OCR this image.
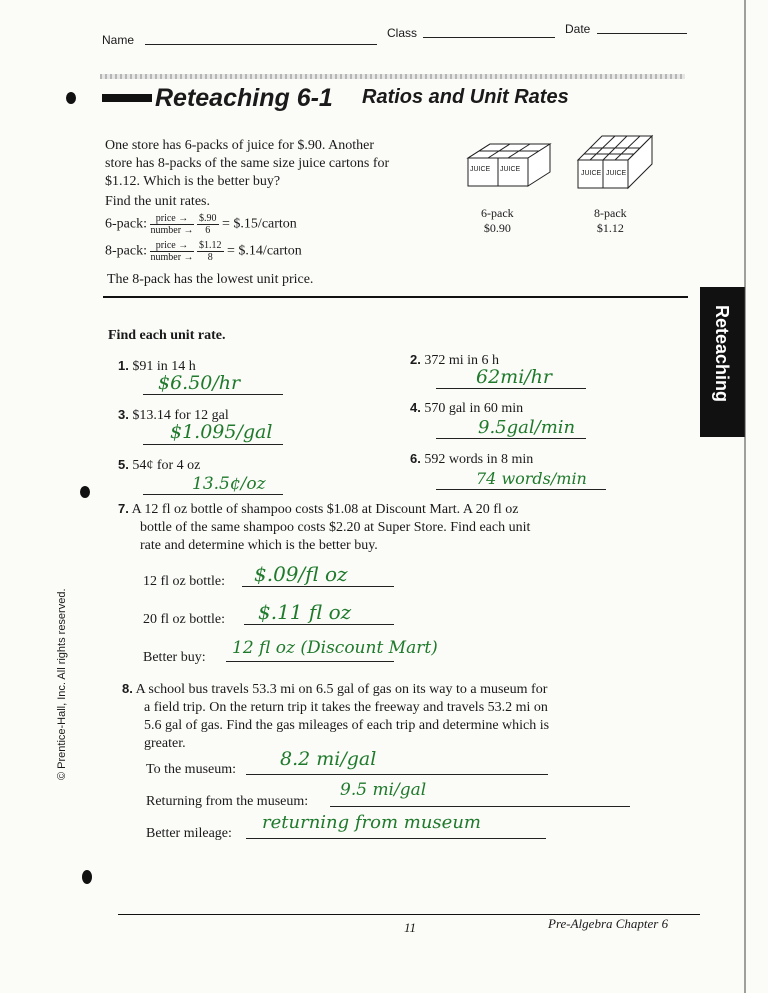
Name	Class	Date
Reteaching 6-1 Ratios and Unit Rates
One store has 6-packs of juice for $.90. Another
store has 8-packs of the same size juice cartons for
$1.12. Which is the better buy?
Find the unit rates.
6-pack: $\frac{\text{price →}}{\text{number →}}$
$\frac{\$.90}{6}$ = $.15/carton
8-pack: $\frac{\text{price →}}{\text{number →}}$
$\frac{\$1.12}{8}$ = $.14/carton
The 8-pack has the lowest unit price.
JUICE JUICE
JUICE JUICE
6-pack
$0.90
8-pack
$1.12
Reteaching
Find each unit rate.
1. $91 in 14 h
$6.50/hr
2. 372 mi in 6 h
62mi/hr
3. $13.14 for 12 gal
$1.095/gal
4. 570 gal in 60 min
9.5gal/min
5. 54¢ for 4 oz
13.5¢/oz
6. 592 words in 8 min
74 words/min
7. A 12 fl oz bottle of shampoo costs $1.08 at Discount Mart. A 20 fl oz
bottle of the same shampoo costs $2.20 at Super Store. Find each unit
rate and determine which is the better buy.
12 fl oz bottle: $.09/fl oz
20 fl oz bottle: $.11 fl oz
Better buy: 12 fl oz (Discount Mart)
8. A school bus travels 53.3 mi on 6.5 gal of gas on its way to a museum for
a field trip. On the return trip it takes the freeway and travels 53.2 mi on
5.6 gal of gas. Find the gas mileages of each trip and determine which is
greater.
To the museum: 8.2 mi/gal
Returning from the museum:
9.5 mi/gal
Better mileage:
returning from museum
© Prentice-Hall, Inc. All rights reserved.
11	Pre-Algebra Chapter 6
